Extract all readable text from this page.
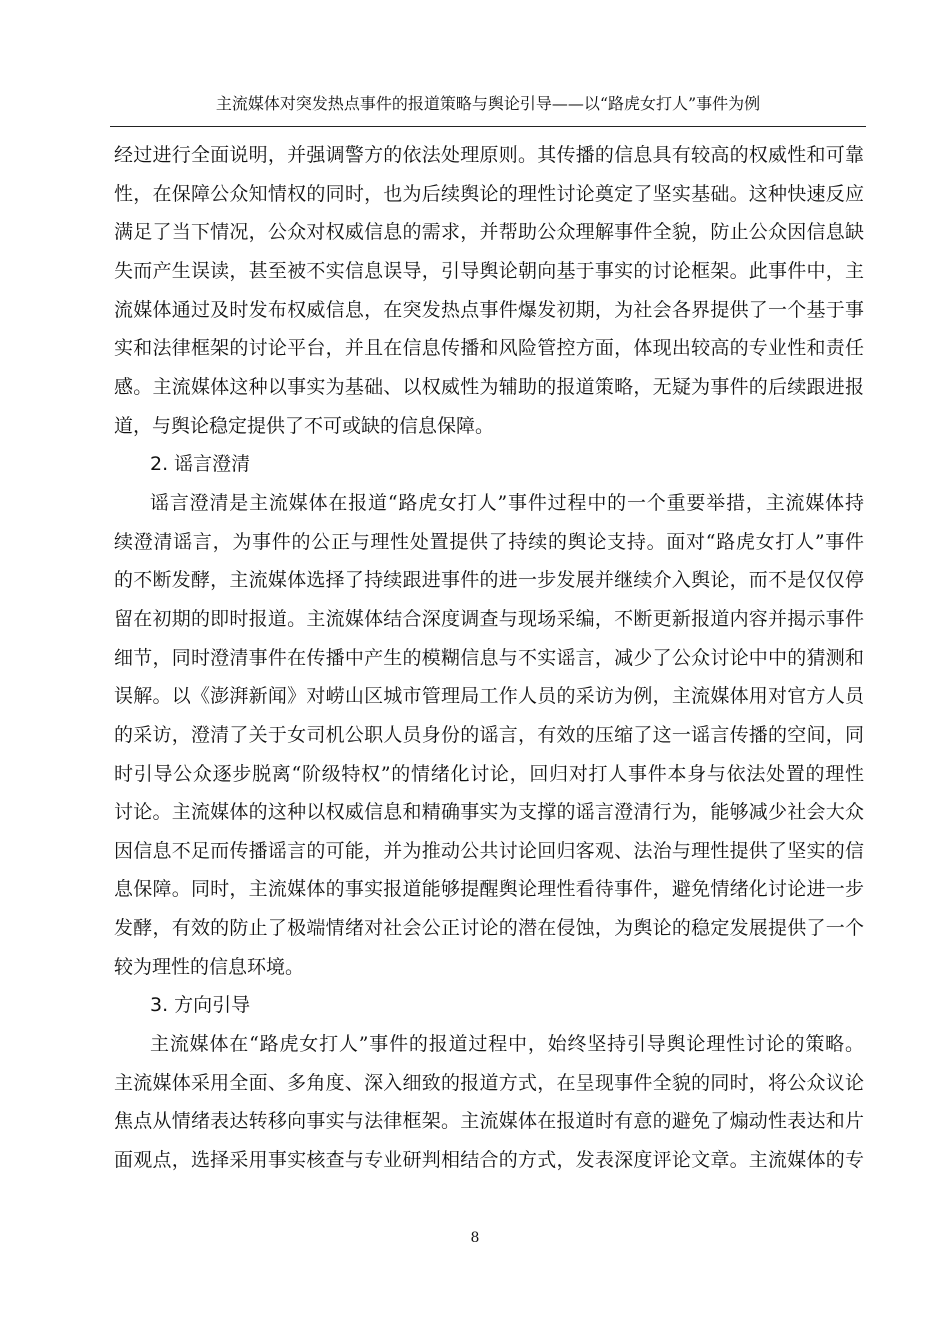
主流媒体对突发热点事件的报道策略与舆论引导——以“路虎女打人”事件为例
经过进行全面说明，并强调警方的依法处理原则。其传播的信息具有较高的权威性和可靠
性，在保障公众知情权的同时，也为后续舆论的理性讨论奠定了坚实基础。这种快速反应
满足了当下情况，公众对权威信息的需求，并帮助公众理解事件全貌，防止公众因信息缺
失而产生误读，甚至被不实信息误导，引导舆论朝向基于事实的讨论框架。此事件中，主
流媒体通过及时发布权威信息，在突发热点事件爆发初期，为社会各界提供了一个基于事
实和法律框架的讨论平台，并且在信息传播和风险管控方面，体现出较高的专业性和责任
感。主流媒体这种以事实为基础、以权威性为辅助的报道策略，无疑为事件的后续跟进报
道，与舆论稳定提供了不可或缺的信息保障。
2. 谣言澄清
谣言澄清是主流媒体在报道“路虎女打人”事件过程中的一个重要举措，主流媒体持
续澄清谣言，为事件的公正与理性处置提供了持续的舆论支持。面对“路虎女打人”事件
的不断发酵，主流媒体选择了持续跟进事件的进一步发展并继续介入舆论，而不是仅仅停
留在初期的即时报道。主流媒体结合深度调查与现场采编，不断更新报道内容并揭示事件
细节，同时澄清事件在传播中产生的模糊信息与不实谣言，减少了公众讨论中中的猜测和
误解。以《澎湃新闻》对崂山区城市管理局工作人员的采访为例，主流媒体用对官方人员
的采访，澄清了关于女司机公职人员身份的谣言，有效的压缩了这一谣言传播的空间，同
时引导公众逐步脱离“阶级特权”的情绪化讨论，回归对打人事件本身与依法处置的理性
讨论。主流媒体的这种以权威信息和精确事实为支撑的谣言澄清行为，能够减少社会大众
因信息不足而传播谣言的可能，并为推动公共讨论回归客观、法治与理性提供了坚实的信
息保障。同时，主流媒体的事实报道能够提醒舆论理性看待事件，避免情绪化讨论进一步
发酵，有效的防止了极端情绪对社会公正讨论的潜在侵蚀，为舆论的稳定发展提供了一个
较为理性的信息环境。
3. 方向引导
主流媒体在“路虎女打人”事件的报道过程中，始终坚持引导舆论理性讨论的策略。
主流媒体采用全面、多角度、深入细致的报道方式，在呈现事件全貌的同时，将公众议论
焦点从情绪表达转移向事实与法律框架。主流媒体在报道时有意的避免了煽动性表达和片
面观点，选择采用事实核查与专业研判相结合的方式，发表深度评论文章。主流媒体的专
8
